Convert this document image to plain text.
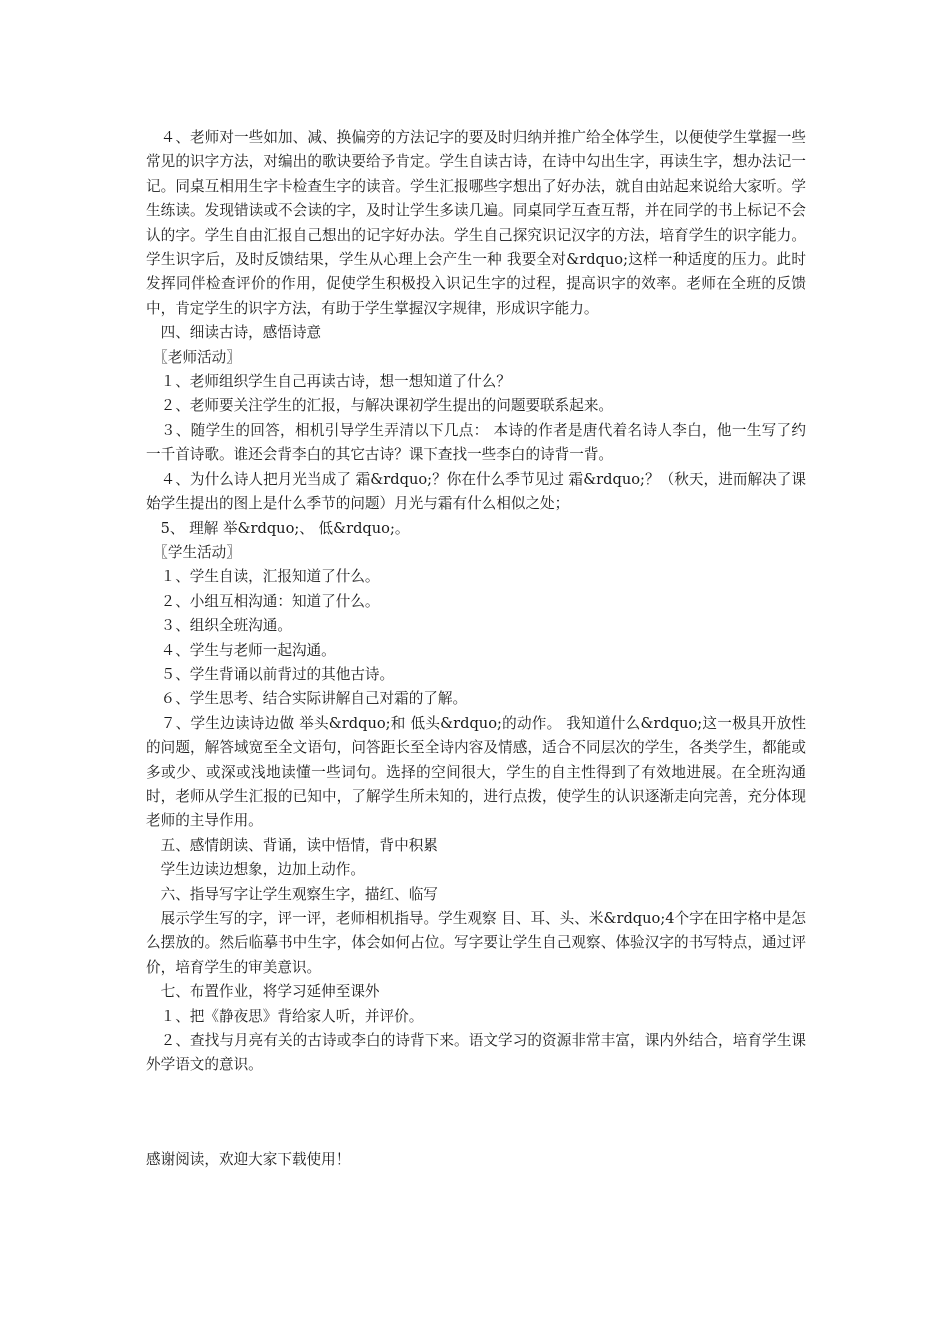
　４、老师对一些如加、减、换偏旁的方法记字的要及时归纳并推广给全体学生，以便使学生掌握一些常见的识字方法，对编出的歌诀要给予肯定。学生自读古诗，在诗中勾出生字，再读生字，想办法记一记。同桌互相用生字卡检查生字的读音。学生汇报哪些字想出了好办法，就自由站起来说给大家听。学生练读。发现错读或不会读的字，及时让学生多读几遍。同桌同学互查互帮，并在同学的书上标记不会认的字。学生自由汇报自己想出的记字好办法。学生自己探究识记汉字的方法，培育学生的识字能力。学生识字后，及时反馈结果，学生从心理上会产生一种 我要全对&rdquo;这样一种适度的压力。此时发挥同伴检查评价的作用，促使学生积极投入识记生字的过程，提高识字的效率。老师在全班的反馈中，肯定学生的识字方法，有助于学生掌握汉字规律，形成识字能力。

　四、细读古诗，感悟诗意

　〖老师活动〗

　１、老师组织学生自己再读古诗，想一想知道了什么？

　２、老师要关注学生的汇报，与解决课初学生提出的问题要联系起来。

　３、随学生的回答，相机引导学生弄清以下几点： 本诗的作者是唐代着名诗人李白，他一生写了约一千首诗歌。谁还会背李白的其它古诗？课下查找一些李白的诗背一背。

　４、为什么诗人把月光当成了 霜&rdquo;？你在什么季节见过 霜&rdquo;？（秋天，进而解决了课始学生提出的图上是什么季节的问题）月光与霜有什么相似之处；

　5、 理解 举&rdquo;、 低&rdquo;。

　〖学生活动〗

　１、学生自读，汇报知道了什么。

　２、小组互相沟通：知道了什么。

　３、组织全班沟通。

　４、学生与老师一起沟通。

　５、学生背诵以前背过的其他古诗。

　６、学生思考、结合实际讲解自己对霜的了解。

　７、学生边读诗边做 举头&rdquo;和 低头&rdquo;的动作。 我知道什么&rdquo;这一极具开放性的问题，解答域宽至全文语句，问答距长至全诗内容及情感，适合不同层次的学生，各类学生，都能或多或少、或深或浅地读懂一些词句。选择的空间很大，学生的自主性得到了有效地进展。在全班沟通时，老师从学生汇报的已知中，了解学生所未知的，进行点拨，使学生的认识逐渐走向完善，充分体现老师的主导作用。

　五、感情朗读、背诵，读中悟情，背中积累

　学生边读边想象，边加上动作。

　六、指导写字让学生观察生字，描红、临写

　展示学生写的字，评一评，老师相机指导。学生观察 目、耳、头、米&rdquo;4个字在田字格中是怎么摆放的。然后临摹书中生字，体会如何占位。写字要让学生自己观察、体验汉字的书写特点，通过评价，培育学生的审美意识。

　七、布置作业，将学习延伸至课外

　１、把《静夜思》背给家人听，并评价。

　２、查找与月亮有关的古诗或李白的诗背下来。语文学习的资源非常丰富，课内外结合，培育学生课外学语文的意识。

感谢阅读，欢迎大家下载使用！
